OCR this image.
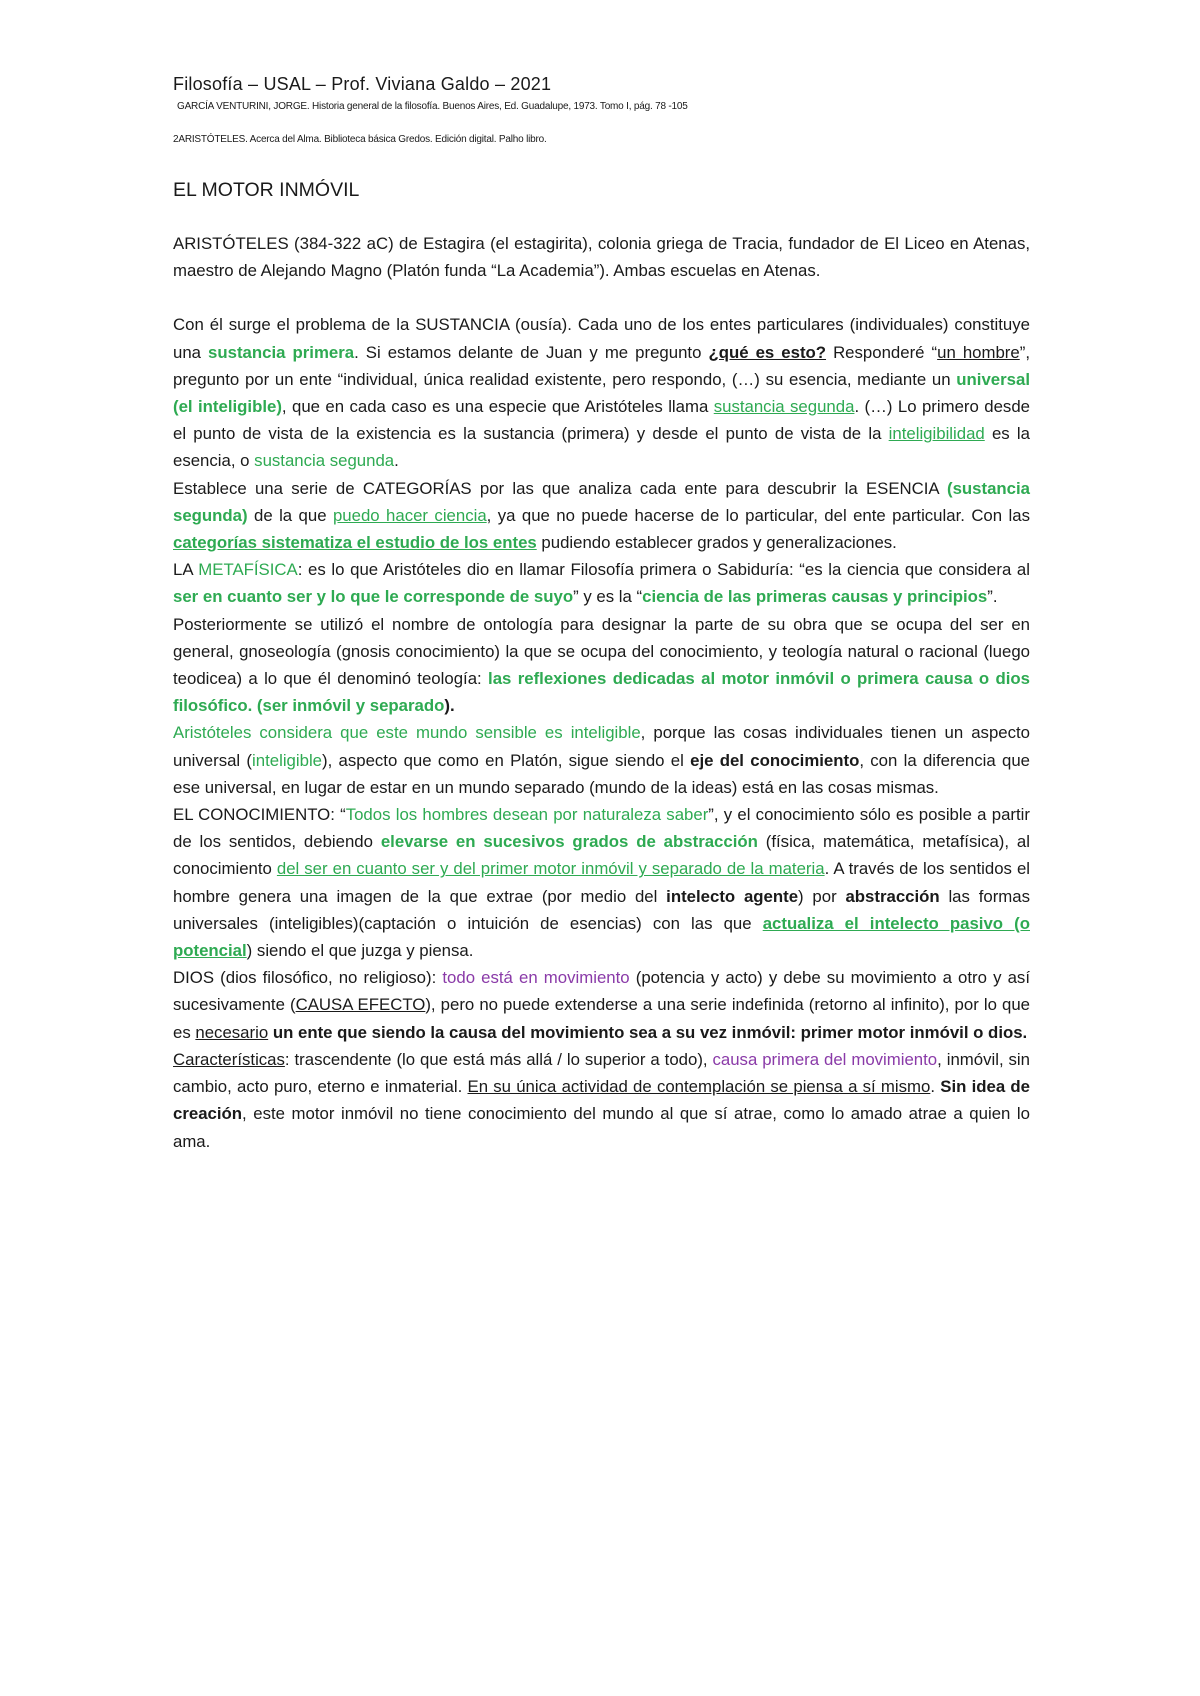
Filosofía – USAL – Prof. Viviana Galdo – 2021
GARCÍA VENTURINI, JORGE. Historia general de la filosofía. Buenos Aires, Ed. Guadalupe, 1973. Tomo I, pág. 78 -105
2ARISTÓTELES. Acerca del Alma. Biblioteca básica Gredos. Edición digital. Palho libro.
EL MOTOR INMÓVIL

ARISTÓTELES (384-322 aC) de Estagira (el estagirita), colonia griega de Tracia, fundador de El Liceo en Atenas, maestro de Alejando Magno (Platón funda “La Academia”). Ambas escuelas en Atenas.

Con él surge el problema de la SUSTANCIA (ousía). Cada uno de los entes particulares (individuales) constituye una sustancia primera. Si estamos delante de Juan y me pregunto ¿qué es esto? Responderé “un hombre”, pregunto por un ente “individual, única realidad existente, pero respondo, (…) su esencia, mediante un universal (el inteligible), que en cada caso es una especie que Aristóteles llama sustancia segunda. (…) Lo primero desde el punto de vista de la existencia es la sustancia (primera) y desde el punto de vista de la inteligibilidad es la esencia, o sustancia segunda.

Establece una serie de CATEGORÍAS por las que analiza cada ente para descubrir la ESENCIA (sustancia segunda) de la que puedo hacer ciencia, ya que no puede hacerse de lo particular, del ente particular. Con las categorías sistematiza el estudio de los entes pudiendo establecer grados y generalizaciones.

LA METAFÍSICA: es lo que Aristóteles dio en llamar Filosofía primera o Sabiduría: “es la ciencia que considera al ser en cuanto ser y lo que le corresponde de suyo” y es la “ciencia de las primeras causas y principios”.

Posteriormente se utilizó el nombre de ontología para designar la parte de su obra que se ocupa del ser en general, gnoseología (gnosis conocimiento) la que se ocupa del conocimiento, y teología natural o racional (luego teodicea) a lo que él denominó teología: las reflexiones dedicadas al motor inmóvil o primera causa o dios filosófico. (ser inmóvil y separado).

Aristóteles considera que este mundo sensible es inteligible, porque las cosas individuales tienen un aspecto universal (inteligible), aspecto que como en Platón, sigue siendo el eje del conocimiento, con la diferencia que ese universal, en lugar de estar en un mundo separado (mundo de la ideas) está en las cosas mismas.

EL CONOCIMIENTO: “Todos los hombres desean por naturaleza saber”, y el conocimiento sólo es posible a partir de los sentidos, debiendo elevarse en sucesivos grados de abstracción (física, matemática, metafísica), al conocimiento del ser en cuanto ser y del primer motor inmóvil y separado de la materia. A través de los sentidos el hombre genera una imagen de la que extrae (por medio del intelecto agente) por abstracción las formas universales (inteligibles)(captación o intuición de esencias) con las que actualiza el intelecto pasivo (o potencial) siendo el que juzga y piensa.

DIOS (dios filosófico, no religioso): todo está en movimiento (potencia y acto) y debe su movimiento a otro y así sucesivamente (CAUSA EFECTO), pero no puede extenderse a una serie indefinida (retorno al infinito), por lo que es necesario un ente que siendo la causa del movimiento sea a su vez inmóvil: primer motor inmóvil o dios.

Características: trascendente (lo que está más allá / lo superior a todo), causa primera del movimiento, inmóvil, sin cambio, acto puro, eterno e inmaterial. En su única actividad de contemplación se piensa a sí mismo. Sin idea de creación, este motor inmóvil no tiene conocimiento del mundo al que sí atrae, como lo amado atrae a quien lo ama.
